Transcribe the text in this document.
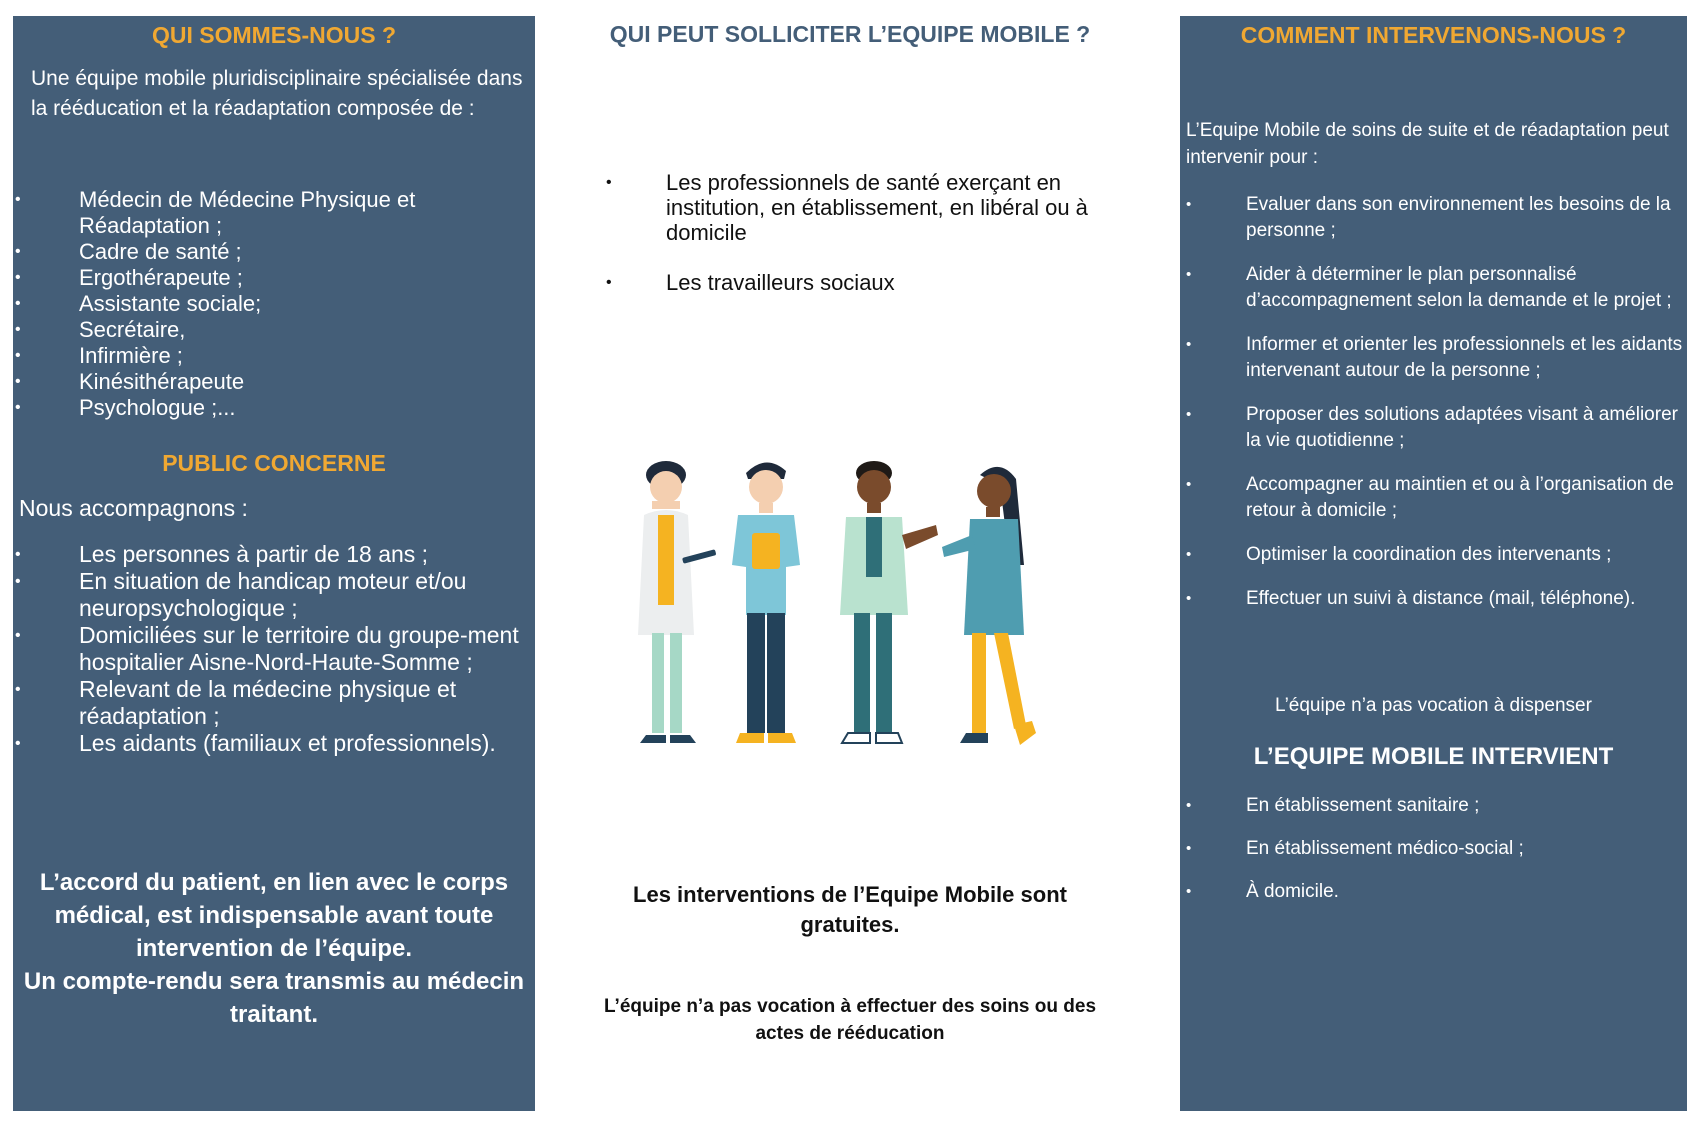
QUI SOMMES-NOUS ?
Une équipe mobile pluridisciplinaire spécialisée dans la rééducation et la réadaptation composée de :
• Médecin de Médecine Physique et Réadaptation ;
• Cadre de santé ;
• Ergothérapeute ;
• Assistante sociale;
• Secrétaire,
• Infirmière ;
• Kinésithérapeute
• Psychologue ;...
PUBLIC CONCERNE
Nous accompagnons :
• Les personnes à partir de 18 ans ;
• En situation de handicap moteur et/ou neuropsychologique ;
• Domiciliées sur le territoire du groupe-ment hospitalier Aisne-Nord-Haute-Somme ;
• Relevant de la médecine physique et réadaptation ;
• Les aidants (familiaux et professionnels).
L’accord du patient, en lien avec le corps médical, est indispensable avant toute intervention de l’équipe.
Un compte-rendu sera transmis au médecin traitant.
QUI PEUT SOLLICITER L’EQUIPE MOBILE ?
• Les professionnels de santé exerçant en institution, en établissement, en libéral ou à domicile
• Les travailleurs sociaux
Les interventions de l’Equipe Mobile sont gratuites.
L’équipe n’a pas vocation à effectuer des soins ou des actes de rééducation
COMMENT INTERVENONS-NOUS ?
L’Equipe Mobile de soins de suite et de réadaptation peut intervenir pour :
• Evaluer dans son environnement les besoins de la personne ;
• Aider à déterminer le plan personnalisé d’accompagnement selon la demande et le projet ;
• Informer et orienter les professionnels et les aidants intervenant autour de la personne ;
• Proposer des solutions adaptées visant à améliorer la vie quotidienne ;
• Accompagner au maintien et ou à l’organisation de retour à domicile ;
• Optimiser la coordination des intervenants ;
• Effectuer un suivi à distance (mail, téléphone).
L’équipe n’a pas vocation à dispenser
L’EQUIPE MOBILE INTERVIENT
• En établissement sanitaire ;
• En établissement médico-social ;
• À domicile.
